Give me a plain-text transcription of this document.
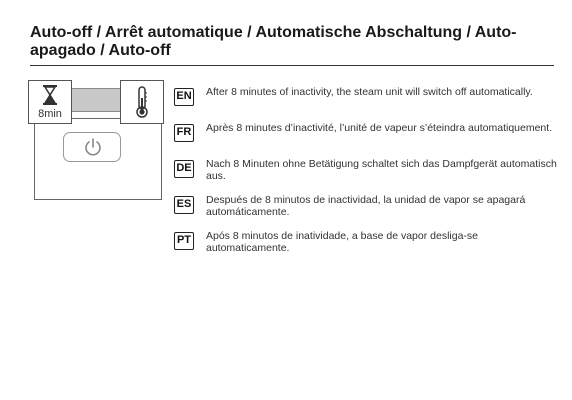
Auto-off / Arrêt automatique / Automatische Abschaltung / Auto-apagado / Auto-off
8min
EN After 8 minutes of inactivity, the steam unit will switch off automatically.
FR Après 8 minutes d’inactivité, l’unité de vapeur s’éteindra automatiquement.
DE Nach 8 Minuten ohne Betätigung schaltet sich das Dampfgerät automatisch aus.
ES Después de 8 minutos de inactividad, la unidad de vapor se apagará automáticamente.
PT Após 8 minutos de inatividade, a base de vapor desliga-se automaticamente.
